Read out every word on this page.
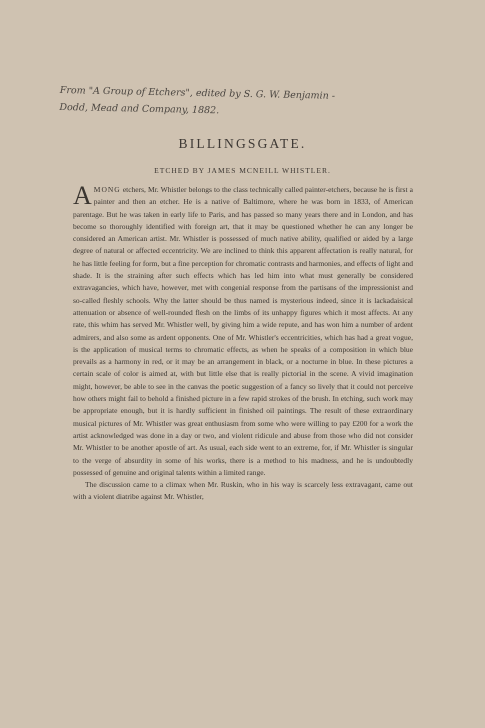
From "A Group of Etchers", edited by S. G. W. Benjamin -
Dodd, Mead and Company, 1882.
BILLINGSGATE.
ETCHED BY JAMES MCNEILL WHISTLER.

AMONG etchers, Mr. Whistler belongs to the class technically called painter-etchers, because he is first a painter and then an etcher. He is a native of Baltimore, where he was born in 1833, of American parentage. But he was taken in early life to Paris, and has passed so many years there and in London, and has become so thoroughly identified with foreign art, that it may be questioned whether he can any longer be considered an American artist. Mr. Whistler is possessed of much native ability, qualified or aided by a large degree of natural or affected eccentricity. We are inclined to think this apparent affectation is really natural, for he has little feeling for form, but a fine perception for chromatic contrasts and harmonies, and effects of light and shade. It is the straining after such effects which has led him into what must generally be considered extravagancies, which have, however, met with congenial response from the partisans of the impressionist and so-called fleshly schools. Why the latter should be thus named is mysterious indeed, since it is lackadaisical attenuation or absence of well-rounded flesh on the limbs of its unhappy figures which it most affects. At any rate, this whim has served Mr. Whistler well, by giving him a wide repute, and has won him a number of ardent admirers, and also some as ardent opponents. One of Mr. Whistler's eccentricities, which has had a great vogue, is the application of musical terms to chromatic effects, as when he speaks of a composition in which blue prevails as a harmony in red, or it may be an arrangement in black, or a nocturne in blue. In these pictures a certain scale of color is aimed at, with but little else that is really pictorial in the scene. A vivid imagination might, however, be able to see in the canvas the poetic suggestion of a fancy so lively that it could not perceive how others might fail to behold a finished picture in a few rapid strokes of the brush. In etching, such work may be appropriate enough, but it is hardly sufficient in finished oil paintings. The result of these extraordinary musical pictures of Mr. Whistler was great enthusiasm from some who were willing to pay £200 for a work the artist acknowledged was done in a day or two, and violent ridicule and abuse from those who did not consider Mr. Whistler to be another apostle of art. As usual, each side went to an extreme, for, if Mr. Whistler is singular to the verge of absurdity in some of his works, there is a method to his madness, and he is undoubtedly possessed of genuine and original talents within a limited range.

The discussion came to a climax when Mr. Ruskin, who in his way is scarcely less extravagant, came out with a violent diatribe against Mr. Whistler,
